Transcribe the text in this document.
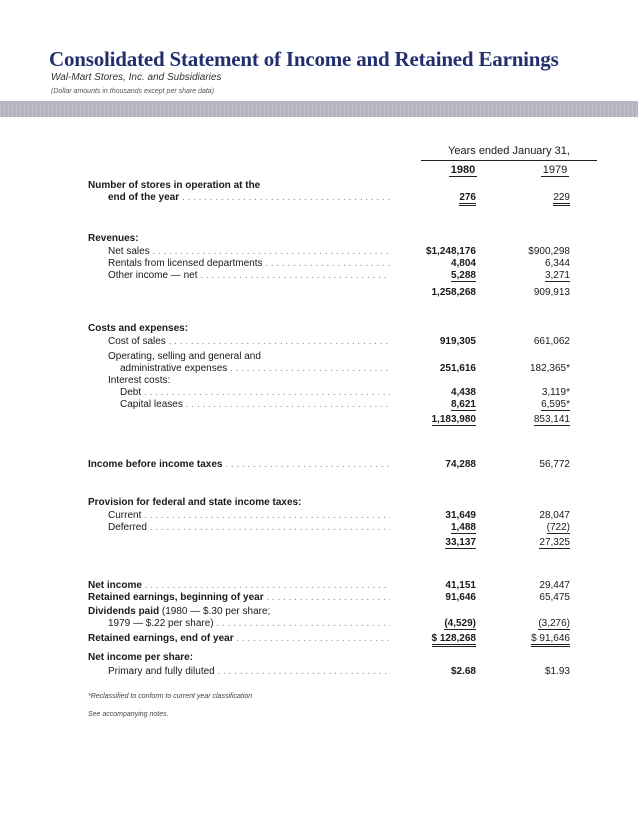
Consolidated Statement of Income and Retained Earnings
Wal-Mart Stores, Inc. and Subsidiaries
(Dollar amounts in thousands except per share data)
Years ended January 31,
1980	1979
Number of stores in operation at the
end of the year . . .	276	229
Revenues:
Net sales . . .	$1,248,176	$900,298
Rentals from licensed departments . . .	4,804	6,344
Other income — net . . .	5,288	3,271
1,258,268	909,913
Costs and expenses:
Cost of sales . . .	919,305	661,062
Operating, selling and general and
administrative expenses . . .	251,616	182,365*
Interest costs:
Debt . . .	4,438	3,119*
Capital leases . . .	8,621	6,595*
1,183,980	853,141
Income before income taxes . . .	74,288	56,772
Provision for federal and state income taxes:
Current . . .	31,649	28,047
Deferred . . .	1,488	(722)
33,137	27,325
Net income . . .	41,151	29,447
Retained earnings, beginning of year . . .	91,646	65,475
Dividends paid (1980 — $.30 per share;
1979 — $.22 per share) . . .	(4,529)	(3,276)
Retained earnings, end of year . . .	$ 128,268	$ 91,646
Net income per share:
Primary and fully diluted . . .	$2.68	$1.93
*Reclassified to conform to current year classification
See accompanying notes.
